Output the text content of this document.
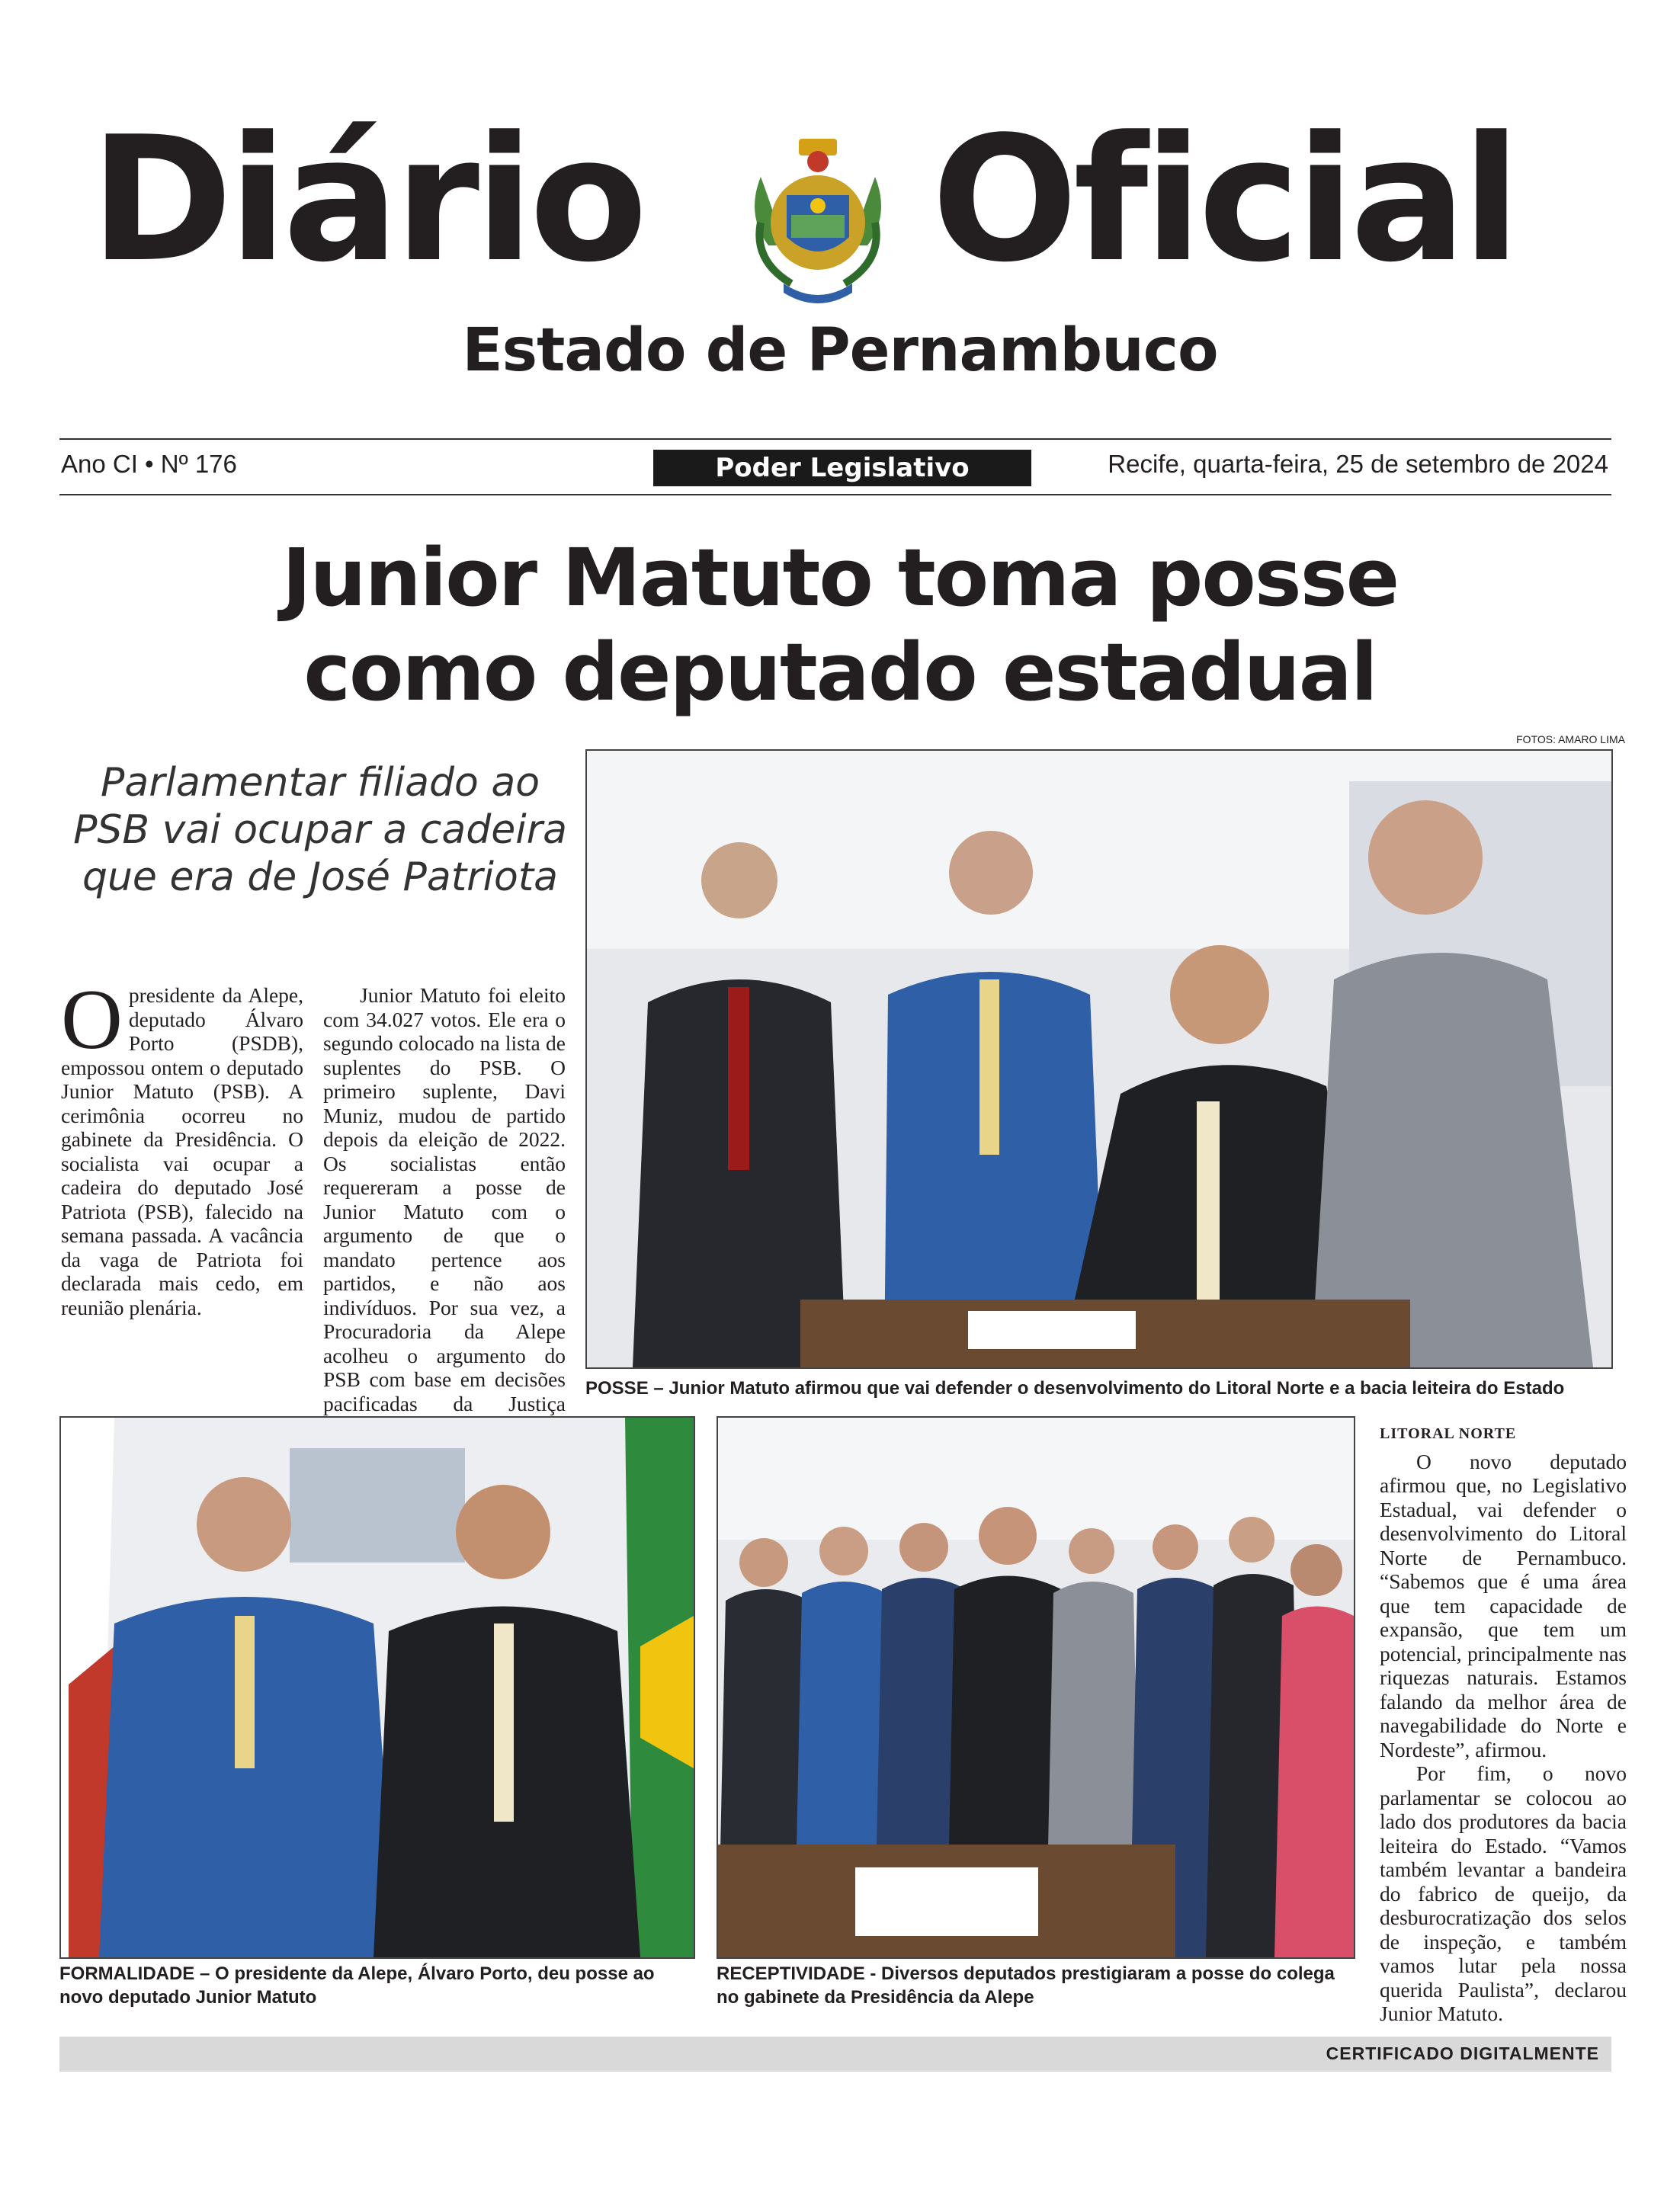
Diário Oficial
Estado de Pernambuco
Ano CI • Nº 176	Poder Legislativo	Recife, quarta-feira, 25 de setembro de 2024
Junior Matuto toma posse
como deputado estadual
FOTOS: AMARO LIMA
Parlamentar filiado ao PSB vai ocupar a cadeira que era de José Patriota

Opresidente da Alepe, deputado Álvaro Porto (PSDB), empossou ontem o deputado Junior Matuto (PSB). A cerimônia ocorreu no gabinete da Presidência. O socialista vai ocupar a cadeira do deputado José Patriota (PSB), falecido na semana passada. A vacância da vaga de Patriota foi declarada mais cedo, em reunião plenária.

Junior Matuto foi eleito com 34.027 votos. Ele era o segundo colocado na lista de suplentes do PSB. O primeiro suplente, Davi Muniz, mudou de partido depois da eleição de 2022. Os socialistas então requereram a posse de Junior Matuto com o argumento de que o mandato pertence aos partidos, e não aos indivíduos. Por sua vez, a Procuradoria da Alepe acolheu o argumento do PSB com base em decisões pacificadas da Justiça

POSSE – Junior Matuto afirmou que vai defender o desenvolvimento do Litoral Norte e a bacia leiteira do Estado
FORMALIDADE – O presidente da Alepe, Álvaro Porto, deu posse ao novo deputado Junior Matuto
RECEPTIVIDADE - Diversos deputados prestigiaram a posse do colega no gabinete da Presidência da Alepe
LITORAL NORTE

O novo deputado afirmou que, no Legislativo Estadual, vai defender o desenvolvimento do Litoral Norte de Pernambuco. “Sabemos que é uma área que tem capacidade de expansão, que tem um potencial, principalmente nas riquezas naturais. Estamos falando da melhor área de navegabilidade do Norte e Nordeste”, afirmou.

Por fim, o novo parlamentar se colocou ao lado dos produtores da bacia leiteira do Estado. “Vamos também levantar a bandeira do fabrico de queijo, da desburocratização dos selos de inspeção, e também vamos lutar pela nossa querida Paulista”, declarou Junior Matuto.

CERTIFICADO DIGITALMENTE
